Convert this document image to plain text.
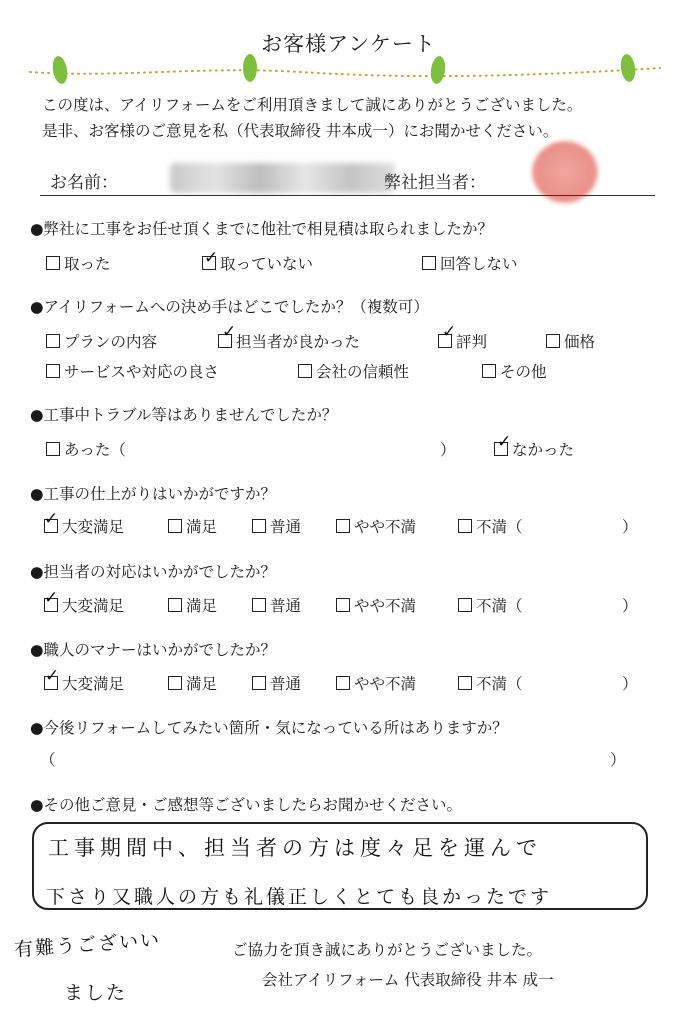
お客様アンケート
この度は、アイリフォームをご利用頂きまして誠にありがとうございました。
是非、お客様のご意見を私（代表取締役 井本成一）にお聞かせください。
お名前：	弊社担当者：
●弊社に工事をお任せ頂くまでに他社で相見積は取られましたか？
取った	取っていない
✓	回答しない
●アイリフォームへの決め手はどこでしたか？（複数可）
プランの内容	担当者が良かった
✓	評判
✓	価格
サービスや対応の良さ	会社の信頼性	その他
●工事中トラブル等はありませんでしたか？
あった（	）	なかった
✓
●工事の仕上がりはいかがですか？
大変満足
✓	満足	普通	やや不満	不満（	）
●担当者の対応はいかがでしたか？
大変満足
✓	満足	普通	やや不満	不満（	）
●職人のマナーはいかがでしたか？
大変満足
✓	満足	普通	やや不満	不満（	）
●今後リフォームしてみたい箇所・気になっている所はありますか？
（	）
●その他ご意見・ご感想等ございましたらお聞かせください。
工事期間中、担当者の方は度々足を運んで
下さり又職人の方も礼儀正しくとても良かったです
有難うございい
ました
ご協力を頂き誠にありがとうございました。
会社アイリフォーム 代表取締役 井本 成一
